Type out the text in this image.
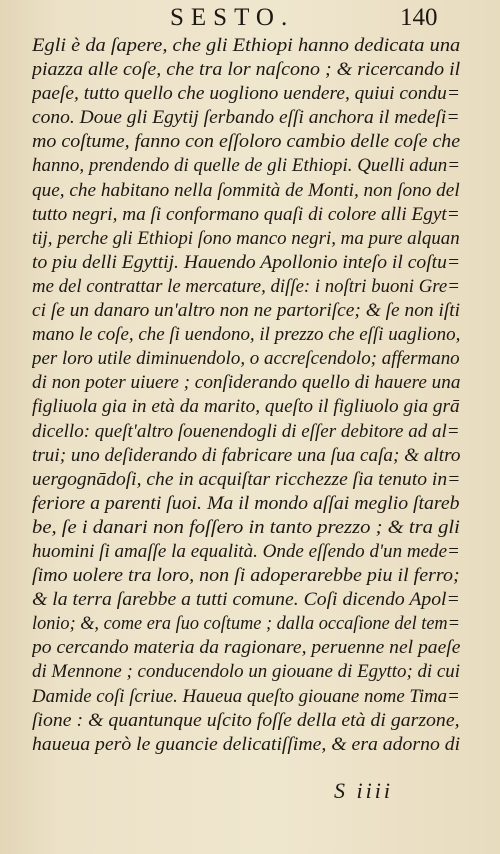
SESTO.	140
Egli è da ſapere, che gli Ethiopi hanno dedicata una
piazza alle coſe, che tra lor naſcono ; & ricercando il
paeſe, tutto quello che uogliono uendere, quiui condu=
cono. Doue gli Egytij ſerbando eſſi anchora il medeſi=
mo coſtume, fanno con eſſoloro cambio delle coſe che
hanno, prendendo di quelle de gli Ethiopi. Quelli adun=
que, che habitano nella ſommità de Monti, non ſono del
tutto negri, ma ſi conformano quaſi di colore alli Egyt=
tij, perche gli Ethiopi ſono manco negri, ma pure alquan
to piu delli Egyttij. Hauendo Apollonio inteſo il coſtu=
me del contrattar le mercature, diſſe: i noſtri buoni Gre=
ci ſe un danaro un'altro non ne partoriſce; & ſe non iſti
mano le coſe, che ſi uendono, il prezzo che eſſi uagliono,
per loro utile diminuendolo, o accreſcendolo; affermano
di non poter uiuere ; conſiderando quello di hauere una
figliuola gia in età da marito, queſto il figliuolo gia grā
dicello: queſt'altro ſouenendogli di eſſer debitore ad al=
trui; uno deſiderando di fabricare una ſua caſa; & altro
uergognādoſi, che in acquiſtar ricchezze ſia tenuto in=
feriore a parenti ſuoi. Ma il mondo aſſai meglio ſtareb
be, ſe i danari non foſſero in tanto prezzo ; & tra gli
huomini ſi amaſſe la equalità. Onde eſſendo d'un mede=
ſimo uolere tra loro, non ſi adoperarebbe piu il ferro;
& la terra ſarebbe a tutti comune. Coſi dicendo Apol=
lonio; &, come era ſuo coſtume ; dalla occaſione del tem=
po cercando materia da ragionare, peruenne nel paeſe
di Mennone ; conducendolo un giouane di Egytto; di cui
Damide coſi ſcriue. Haueua queſto giouane nome Tima=
ſione : & quantunque uſcito foſſe della età di garzone,
haueua però le guancie delicatiſſime, & era adorno di
S iiii
